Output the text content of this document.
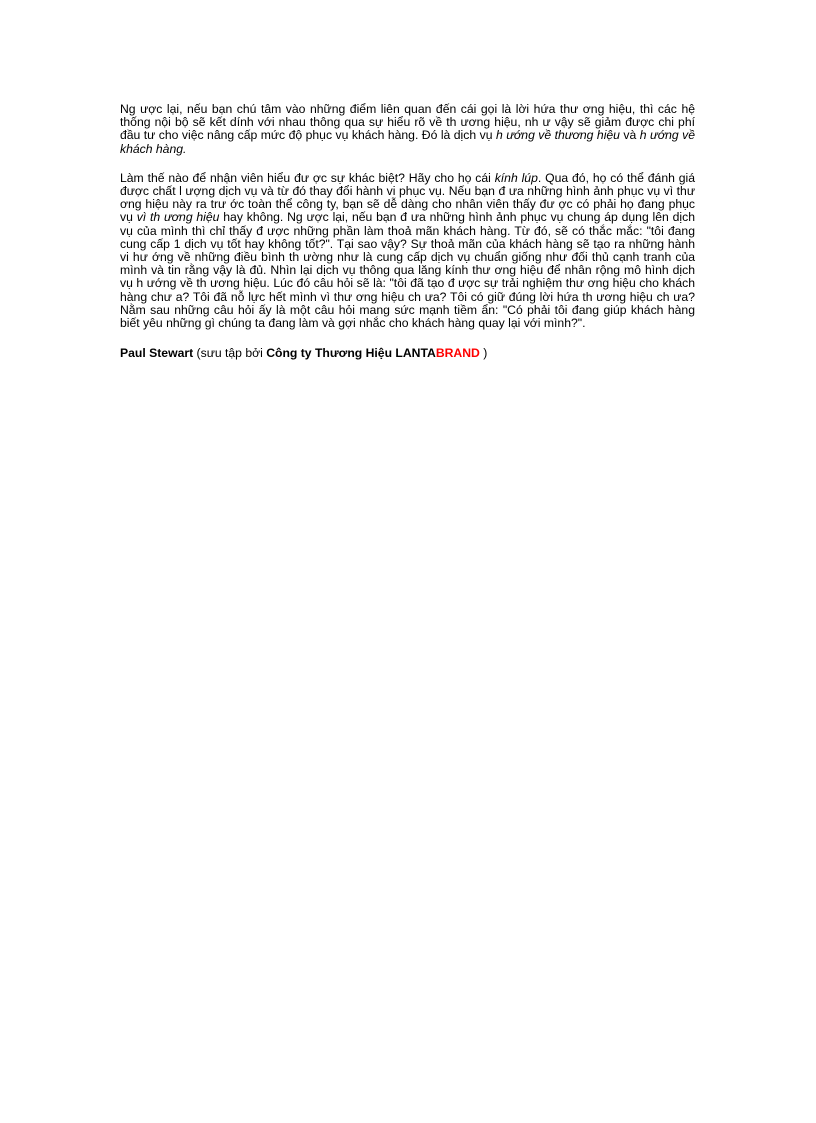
Ng ược lại, nếu bạn chú tâm vào những điểm liên quan đến cái gọi là lời hứa thư ơng hiệu, thì các hệ thống nội bộ sẽ kết dính với nhau thông qua sự hiểu rõ về th ương hiệu, nh ư vậy sẽ giảm được chi phí đầu tư cho việc nâng cấp mức độ phục vụ khách hàng. Đó là dịch vụ h ướng về thương hiệu và h ướng về khách hàng.

Làm thế nào để nhận viên hiểu đư ợc sự khác biệt? Hãy cho họ cái kính lúp. Qua đó, họ có thể đánh giá được chất l ượng dịch vụ và từ đó thay đổi hành vi phục vụ. Nếu bạn đ ưa những hình ảnh phục vụ vì thư ơng hiệu này ra trư ớc toàn thể công ty, bạn sẽ dễ dàng cho nhân viên thấy đư ợc có phải họ đang phục vụ vì th ương hiệu hay không. Ng ược lại, nếu bạn đ ưa những hình ảnh phục vụ chung áp dụng lên dịch vụ của mình thì chỉ thấy đ ược những phần làm thoả mãn khách hàng. Từ đó, sẽ có thắc mắc: "tôi đang cung cấp 1 dịch vụ tốt hay không tốt?". Tại sao vậy? Sự thoả mãn của khách hàng sẽ tạo ra những hành vi hư ớng về những điều bình th ường như là cung cấp dịch vụ chuẩn giống như đối thủ cạnh tranh của mình và tin rằng vậy là đủ. Nhìn lại dịch vụ thông qua lăng kính thư ơng hiệu để nhân rộng mô hình dịch vụ h ướng về th ương hiệu. Lúc đó câu hỏi sẽ là: "tôi đã tạo đ ược sự trải nghiệm thư ơng hiệu cho khách hàng chư a? Tôi đã nỗ lực hết mình vì thư ơng hiệu ch ưa? Tôi có giữ đúng lời hứa th ương hiệu ch ưa? Nằm sau những câu hỏi ấy là một câu hỏi mang sức mạnh tiềm ẩn: "Có phải tôi đang giúp khách hàng biết yêu những gì chúng ta đang làm và gợi nhắc cho khách hàng quay lại với mình?".

Paul Stewart (sưu tập bởi Công ty Thương Hiệu LANTABRAND )
